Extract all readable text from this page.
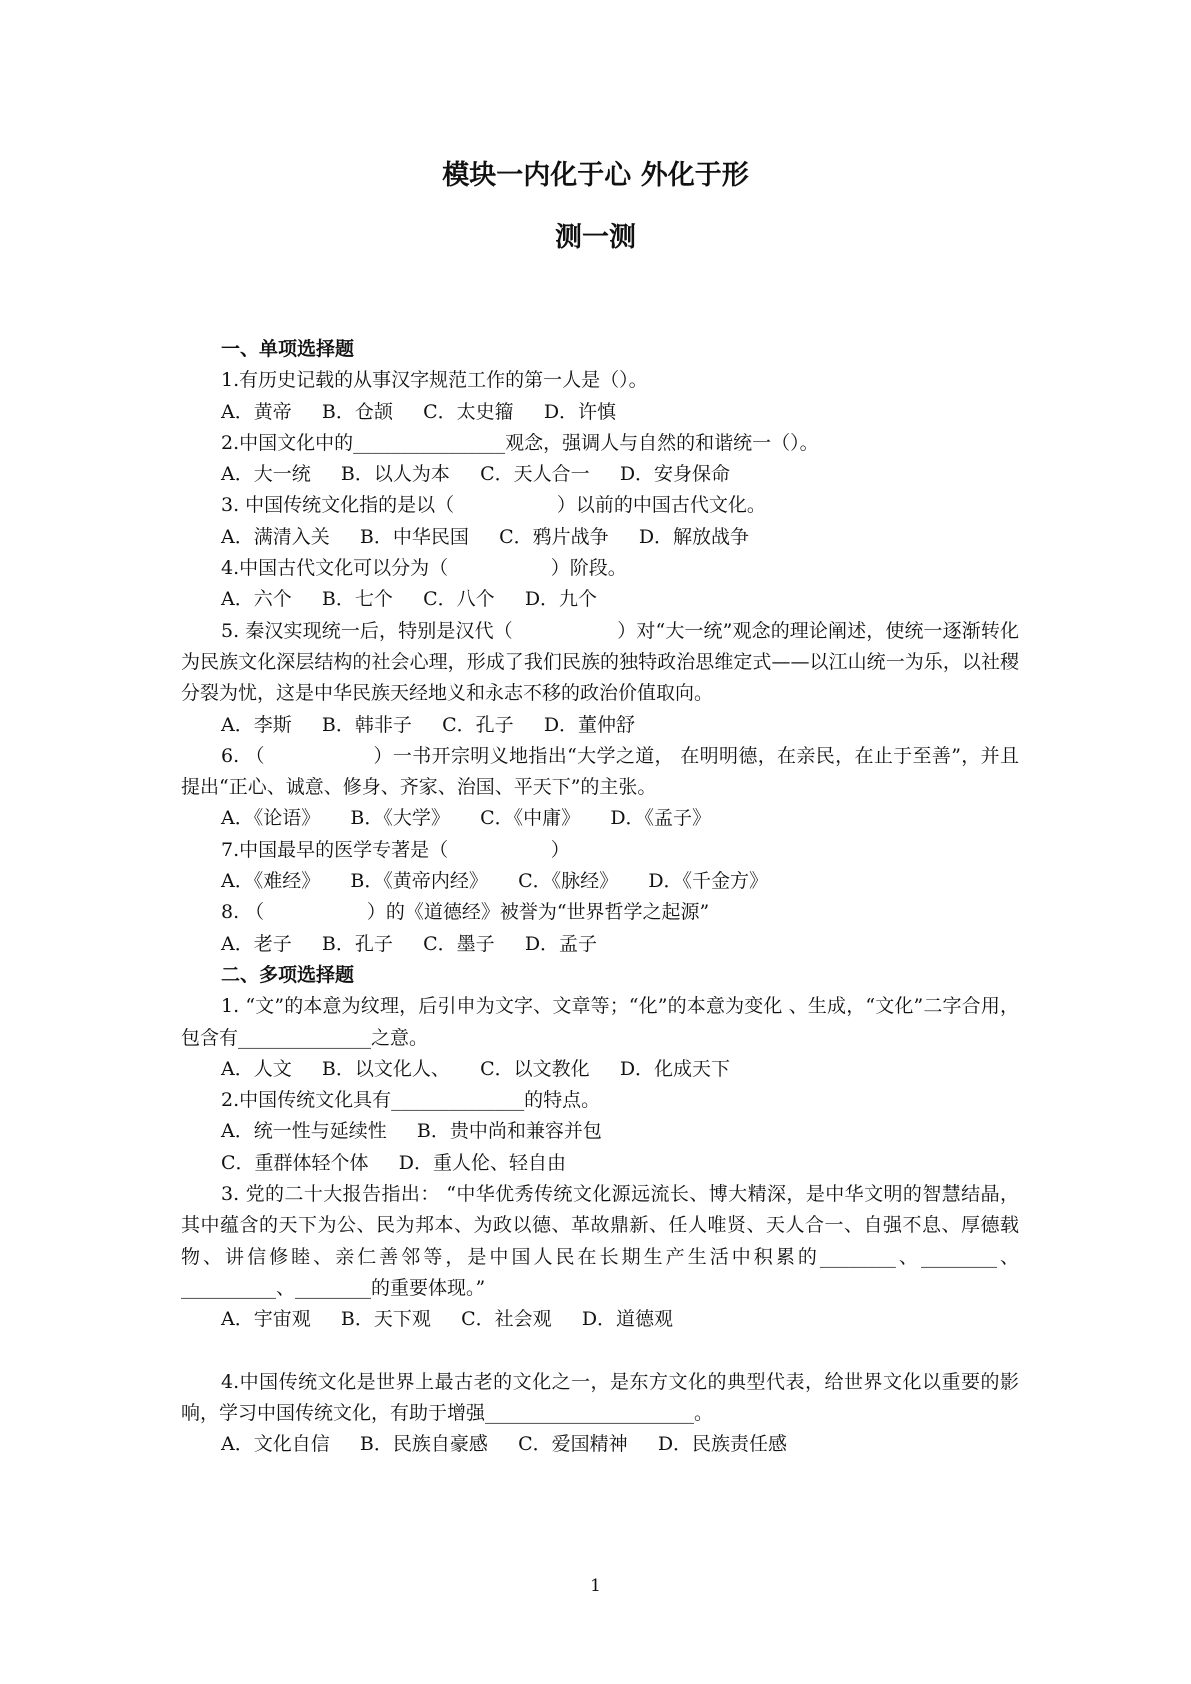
模块一内化于心 外化于形
测一测

一、单项选择题

1.有历史记载的从事汉字规范工作的第一人是（）。

A．黄帝     B．仓颉     C．太史籀     D．许慎

2.中国文化中的________________观念，强调人与自然的和谐统一（）。

A．大一统     B．以人为本     C．天人合一     D．安身保命

3. 中国传统文化指的是以（                 ）以前的中国古代文化。

A．满清入关     B．中华民国     C．鸦片战争     D．解放战争

4.中国古代文化可以分为（                 ）阶段。

A．六个     B．七个     C．八个     D．九个

5. 秦汉实现统一后，特别是汉代（                 ）对“大一统”观念的理论阐述，使统一逐渐转化为民族文化深层结构的社会心理，形成了我们民族的独特政治思维定式——以江山统一为乐，以社稷分裂为忧，这是中华民族天经地义和永志不移的政治价值取向。

A．李斯     B．韩非子     C．孔子     D．董仲舒

6. （                 ）一书开宗明义地指出“大学之道， 在明明德，在亲民，在止于至善”，并且提出“正心、诚意、修身、齐家、治国、平天下”的主张。

A．《论语》     B．《大学》     C．《中庸》     D．《孟子》

7.中国最早的医学专著是（                 ）

A．《难经》     B．《黄帝内经》     C．《脉经》     D．《千金方》

8. （                 ）的《道德经》被誉为“世界哲学之起源”

A．老子     B．孔子     C．墨子     D．孟子

二、多项选择题

1. “文”的本意为纹理，后引申为文字、文章等；“化”的本意为变化 、生成，“文化”二字合用，包含有______________之意。

A．人文     B．以文化人、     C．以文教化     D．化成天下

2.中国传统文化具有______________的特点。

A．统一性与延续性     B．贵中尚和兼容并包

C．重群体轻个体     D．重人伦、轻自由

3. 党的二十大报告指出： “中华优秀传统文化源远流长、博大精深，是中华文明的智慧结晶，其中蕴含的天下为公、民为邦本、为政以德、革故鼎新、任人唯贤、天人合一、自强不息、厚德载物、讲信修睦、亲仁善邻等，是中国人民在长期生产生活中积累的________、________、__________、________的重要体现。”

A．宇宙观     B．天下观     C．社会观     D．道德观

4.中国传统文化是世界上最古老的文化之一，是东方文化的典型代表，给世界文化以重要的影响，学习中国传统文化，有助于增强______________________。

A．文化自信     B．民族自豪感     C．爱国精神     D．民族责任感

1
